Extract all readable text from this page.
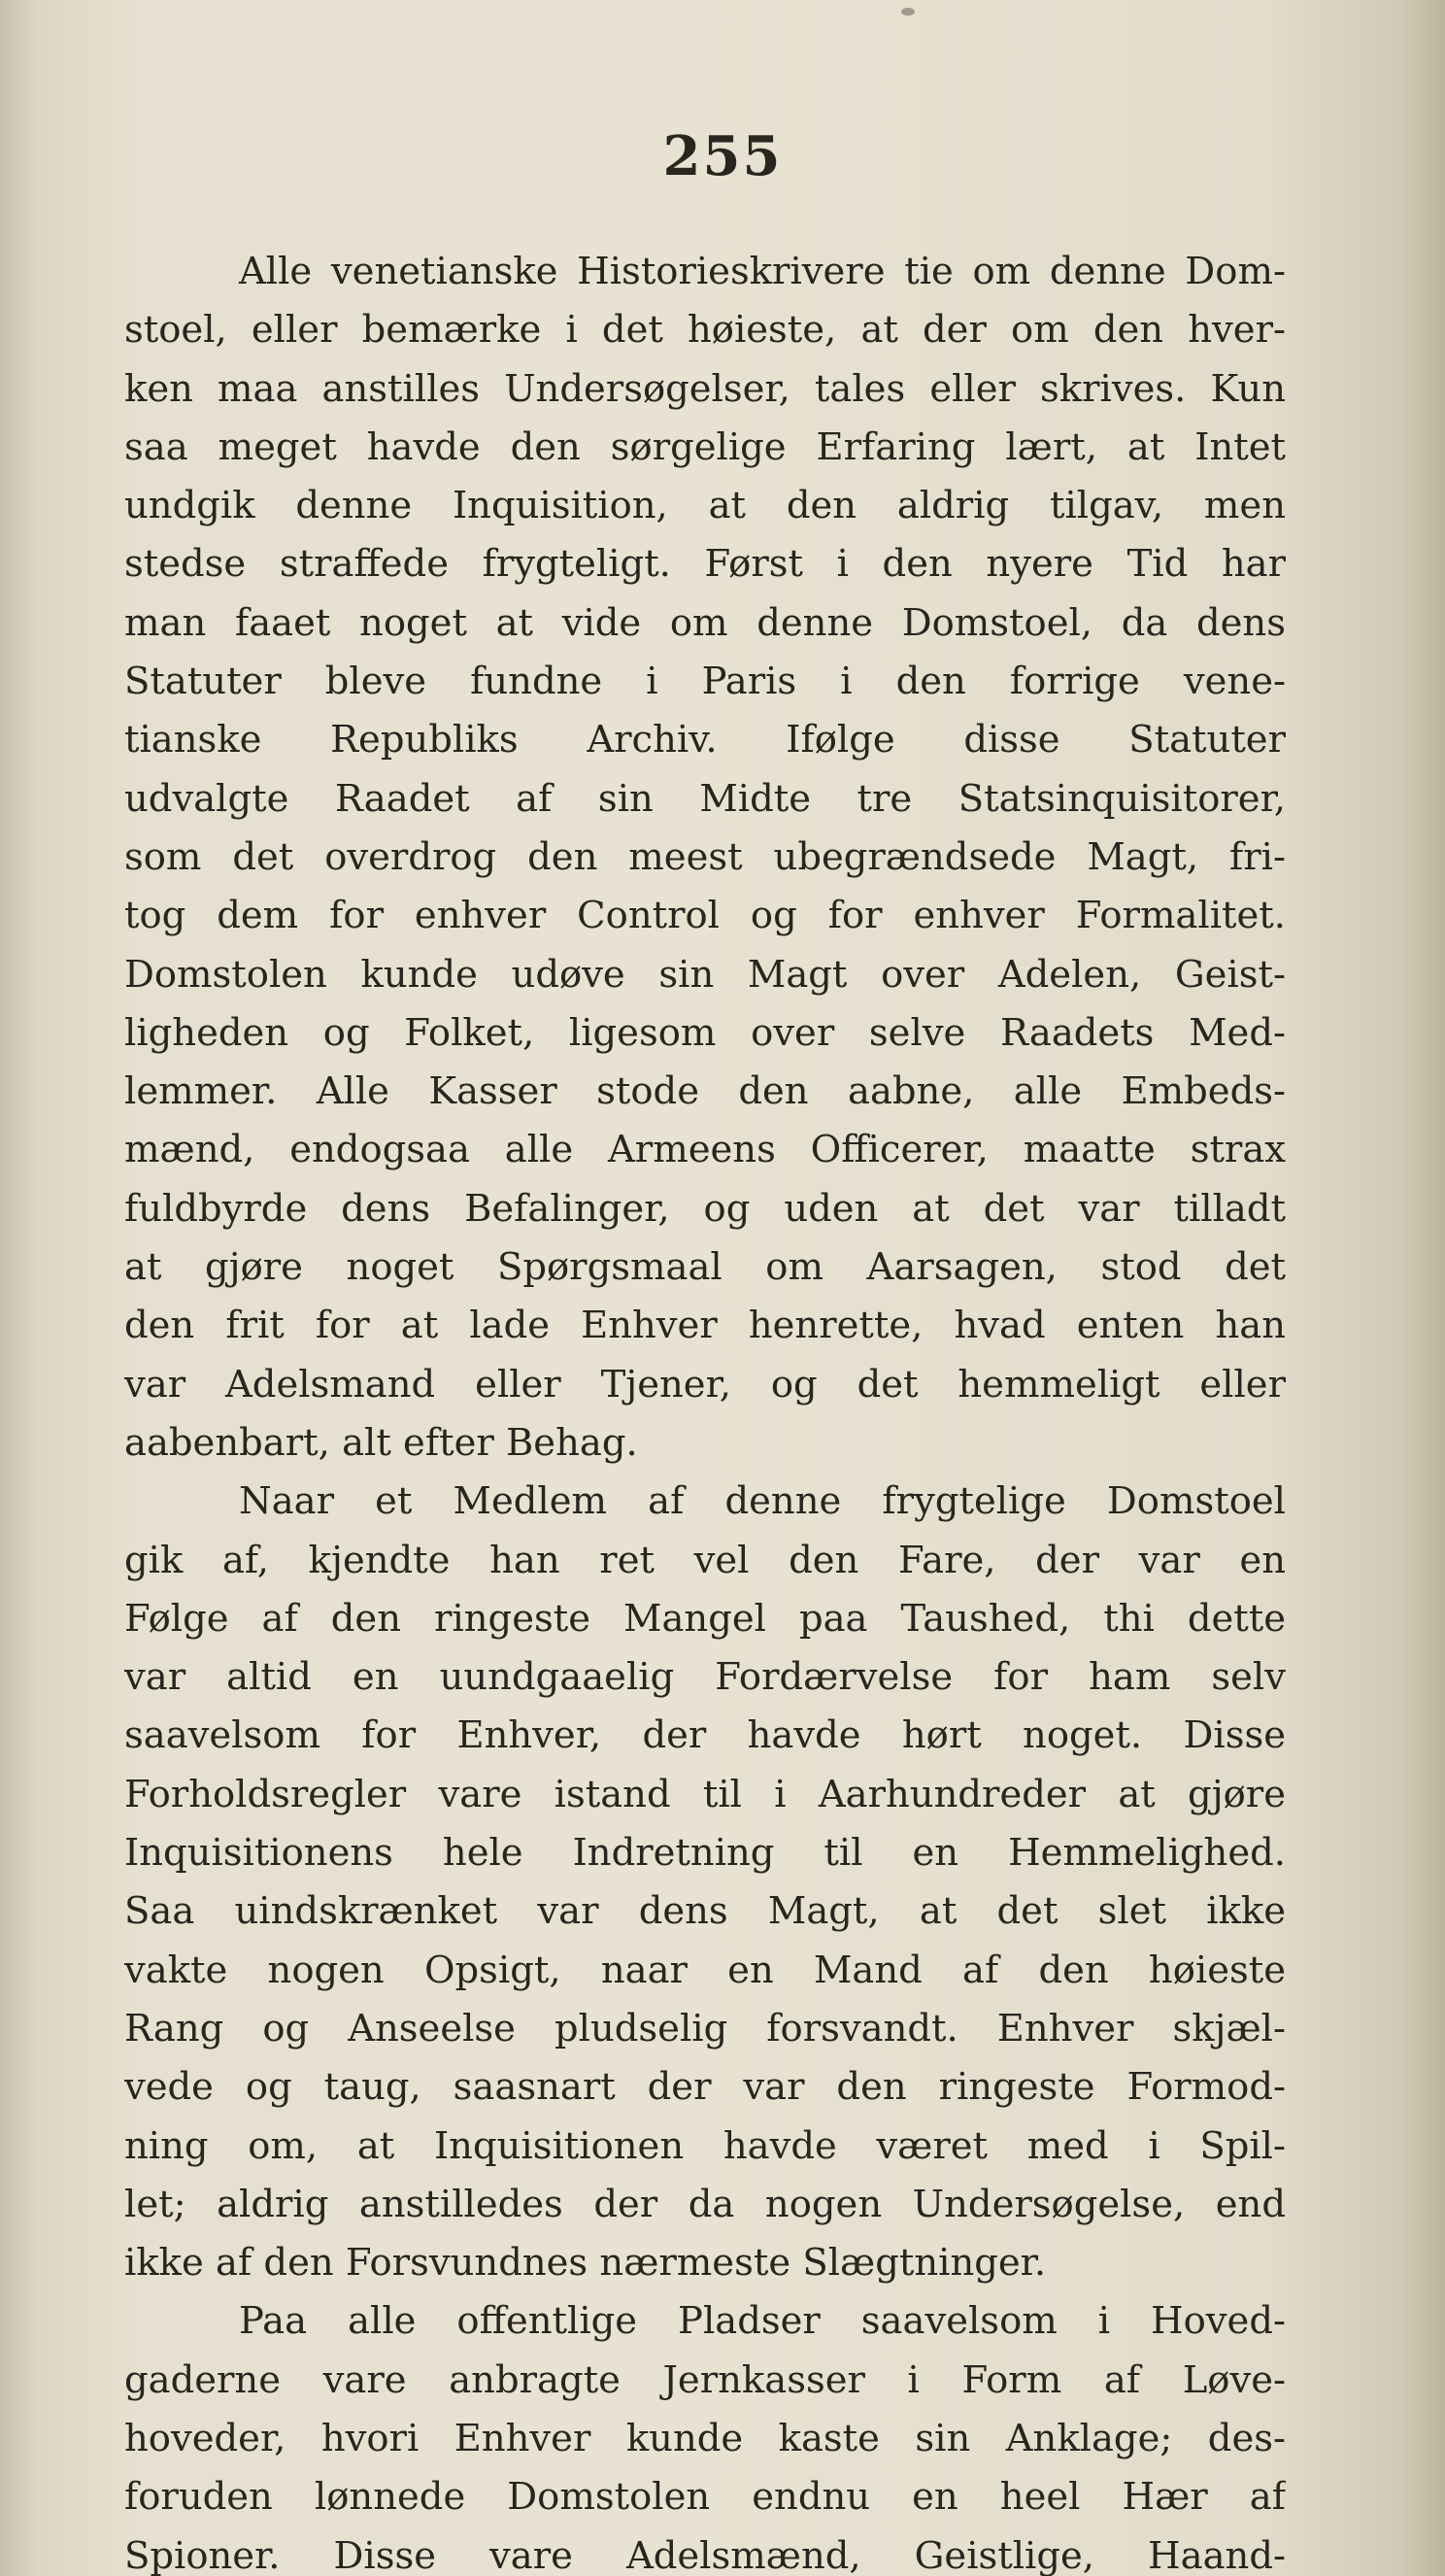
255
Alle venetianske Historieskrivere tie om denne Dom-
stoel, eller bemærke i det høieste, at der om den hver-
ken maa anstilles Undersøgelser, tales eller skrives. Kun
saa meget havde den sørgelige Erfaring lært, at Intet
undgik denne Inquisition, at den aldrig tilgav, men
stedse straffede frygteligt. Først i den nyere Tid har
man faaet noget at vide om denne Domstoel, da dens
Statuter bleve fundne i Paris i den forrige vene-
tianske Republiks Archiv. Ifølge disse Statuter
udvalgte Raadet af sin Midte tre Statsinquisitorer,
som det overdrog den meest ubegrændsede Magt, fri-
tog dem for enhver Control og for enhver Formalitet.
Domstolen kunde udøve sin Magt over Adelen, Geist-
ligheden og Folket, ligesom over selve Raadets Med-
lemmer. Alle Kasser stode den aabne, alle Embeds-
mænd, endogsaa alle Armeens Officerer, maatte strax
fuldbyrde dens Befalinger, og uden at det var tilladt
at gjøre noget Spørgsmaal om Aarsagen, stod det
den frit for at lade Enhver henrette, hvad enten han
var Adelsmand eller Tjener, og det hemmeligt eller
aabenbart, alt efter Behag.
Naar et Medlem af denne frygtelige Domstoel
gik af, kjendte han ret vel den Fare, der var en
Følge af den ringeste Mangel paa Taushed, thi dette
var altid en uundgaaelig Fordærvelse for ham selv
saavelsom for Enhver, der havde hørt noget. Disse
Forholdsregler vare istand til i Aarhundreder at gjøre
Inquisitionens hele Indretning til en Hemmelighed.
Saa uindskrænket var dens Magt, at det slet ikke
vakte nogen Opsigt, naar en Mand af den høieste
Rang og Anseelse pludselig forsvandt. Enhver skjæl-
vede og taug, saasnart der var den ringeste Formod-
ning om, at Inquisitionen havde været med i Spil-
let; aldrig anstilledes der da nogen Undersøgelse, end
ikke af den Forsvundnes nærmeste Slægtninger.
Paa alle offentlige Pladser saavelsom i Hoved-
gaderne vare anbragte Jernkasser i Form af Løve-
hoveder, hvori Enhver kunde kaste sin Anklage; des-
foruden lønnede Domstolen endnu en heel Hær af
Spioner. Disse vare Adelsmænd, Geistlige, Haand-
